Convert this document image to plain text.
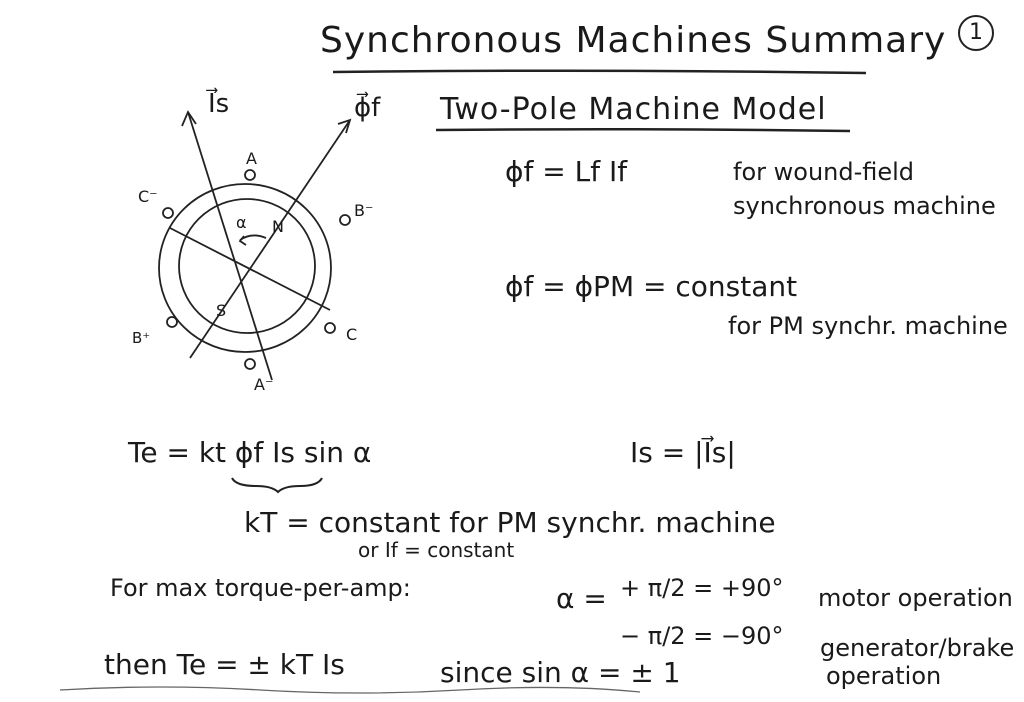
Synchronous Machines Summary	1
Two-Pole Machine Model
I⃗s	ϕ⃗f
A
A⁻
C⁻
B⁻
B⁺	C
N
S
α
ϕf = Lf If	for wound-field
synchronous machine
ϕf = ϕPM = constant
for PM synchr. machine
Te = kt ϕf Is sin α	Is = |I⃗s|
kT = constant for PM synchr. machine
or If = constant
For max torque-per-amp:	α = + π/2 = +90° motor operation
− π/2 = −90° generator/brake
operation
then Te = ± kT Is	since sin α = ± 1
